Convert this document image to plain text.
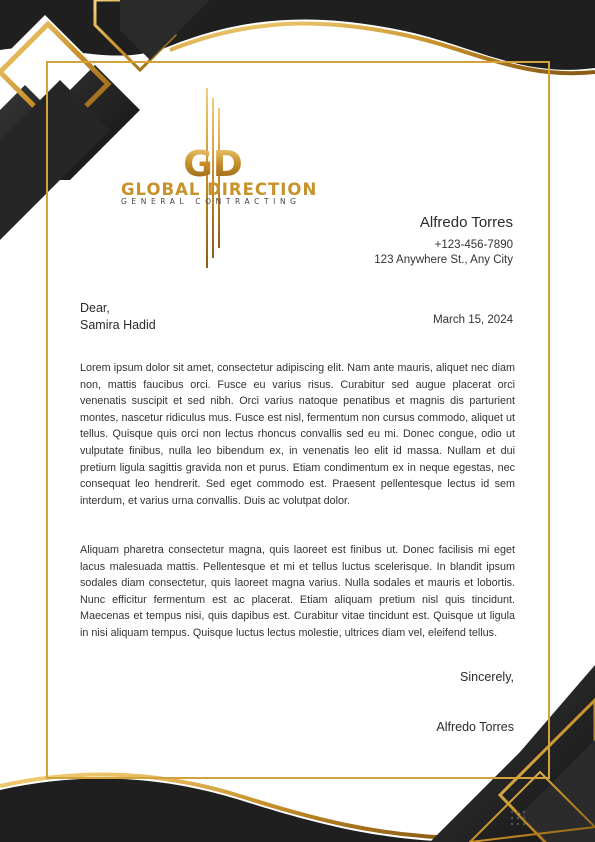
GD
GLOBAL DIRECTION
GENERAL CONTRACTING
Alfredo Torres
+123-456-7890
123 Anywhere St., Any City
Dear,
Samira Hadid	March 15, 2024

Lorem ipsum dolor sit amet, consectetur adipiscing elit. Nam ante mauris, aliquet nec diam non, mattis faucibus orci. Fusce eu varius risus. Curabitur sed augue placerat orci venenatis suscipit et sed nibh. Orci varius natoque penatibus et magnis dis parturient montes, nascetur ridiculus mus. Fusce est nisl, fermentum non cursus commodo, aliquet ut tellus. Quisque quis orci non lectus rhoncus convallis sed eu mi. Donec congue, odio ut vulputate finibus, nulla leo bibendum ex, in venenatis leo elit id massa. Nullam et dui pretium ligula sagittis gravida non et purus. Etiam condimentum ex in neque egestas, nec consequat leo hendrerit. Sed eget commodo est. Praesent pellentesque lectus id sem interdum, et varius urna convallis. Duis ac volutpat dolor.

Aliquam pharetra consectetur magna, quis laoreet est finibus ut. Donec facilisis mi eget lacus malesuada mattis. Pellentesque et mi et tellus luctus scelerisque. In blandit ipsum sodales diam consectetur, quis laoreet magna varius. Nulla sodales et mauris et lobortis. Nunc efficitur fermentum est ac placerat. Etiam aliquam pretium nisl quis tincidunt. Maecenas et tempus nisi, quis dapibus est. Curabitur vitae tincidunt est. Quisque ut ligula in nisi aliquam tempus. Quisque luctus lectus molestie, ultrices diam vel, eleifend tellus.

Sincerely,
Alfredo Torres
